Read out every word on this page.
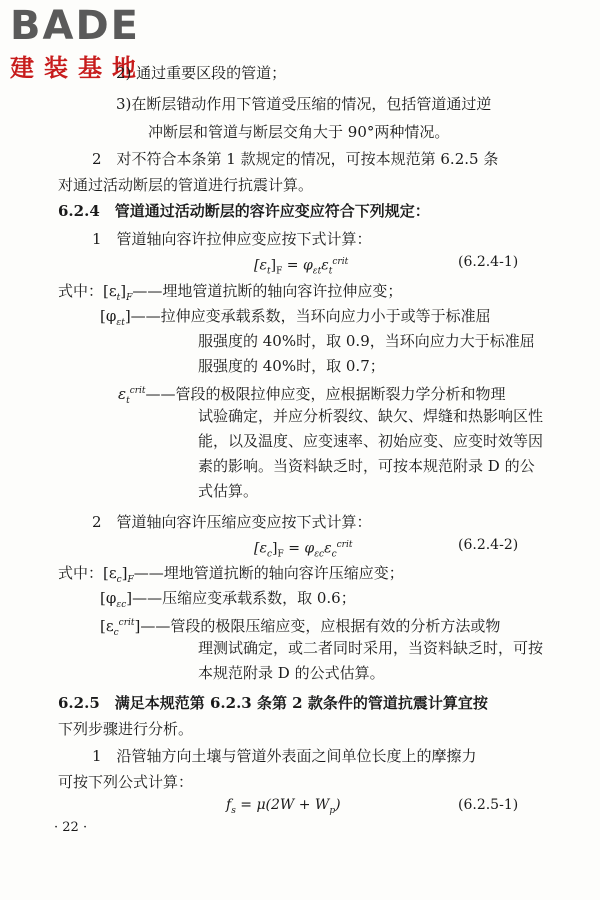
BADE
建装基地
2) 通过重要区段的管道；
3)在断层错动作用下管道受压缩的情况，包括管道通过逆
冲断层和管道与断层交角大于 90°两种情况。
2　对不符合本条第 1 款规定的情况，可按本规范第 6.2.5 条
对通过活动断层的管道进行抗震计算。
6.2.4　管道通过活动断层的容许应变应符合下列规定：
1　管道轴向容许拉伸应变应按下式计算：
$[\varepsilon_t]_F = \varphi_{\varepsilon t}\varepsilon_t^{crit}$	(6.2.4-1)
式中：$[\varepsilon_t]_F——$埋地管道抗断的轴向容许拉伸应变；
$[\varphi_{\varepsilon t}]——$拉伸应变承载系数，当环向应力小于或等于标准屈
服强度的 40%时，取 0.9，当环向应力大于标准屈
服强度的 40%时，取 0.7；
$\varepsilon_t^{crit}——$管段的极限拉伸应变，应根据断裂力学分析和物理
试验确定，并应分析裂纹、缺欠、焊缝和热影响区性
能，以及温度、应变速率、初始应变、应变时效等因
素的影响。当资料缺乏时，可按本规范附录 D 的公
式估算。
2　管道轴向容许压缩应变应按下式计算：
$[\varepsilon_c]_F = \varphi_{\varepsilon c}\varepsilon_c^{crit}$	(6.2.4-2)
式中：$[\varepsilon_c]_F——$埋地管道抗断的轴向容许压缩应变；
$[\varphi_{\varepsilon c}]——$压缩应变承载系数，取 0.6；
$[\varepsilon_c^{crit}]——$管段的极限压缩应变，应根据有效的分析方法或物
理测试确定，或二者同时采用，当资料缺乏时，可按
本规范附录 D 的公式估算。
6.2.5　满足本规范第 6.2.3 条第 2 款条件的管道抗震计算宜按
下列步骤进行分析。
1　沿管轴方向土壤与管道外表面之间单位长度上的摩擦力
可按下列公式计算：
$f_s = \mu(2W + W_p)$	(6.2.5-1)
· 22 ·
